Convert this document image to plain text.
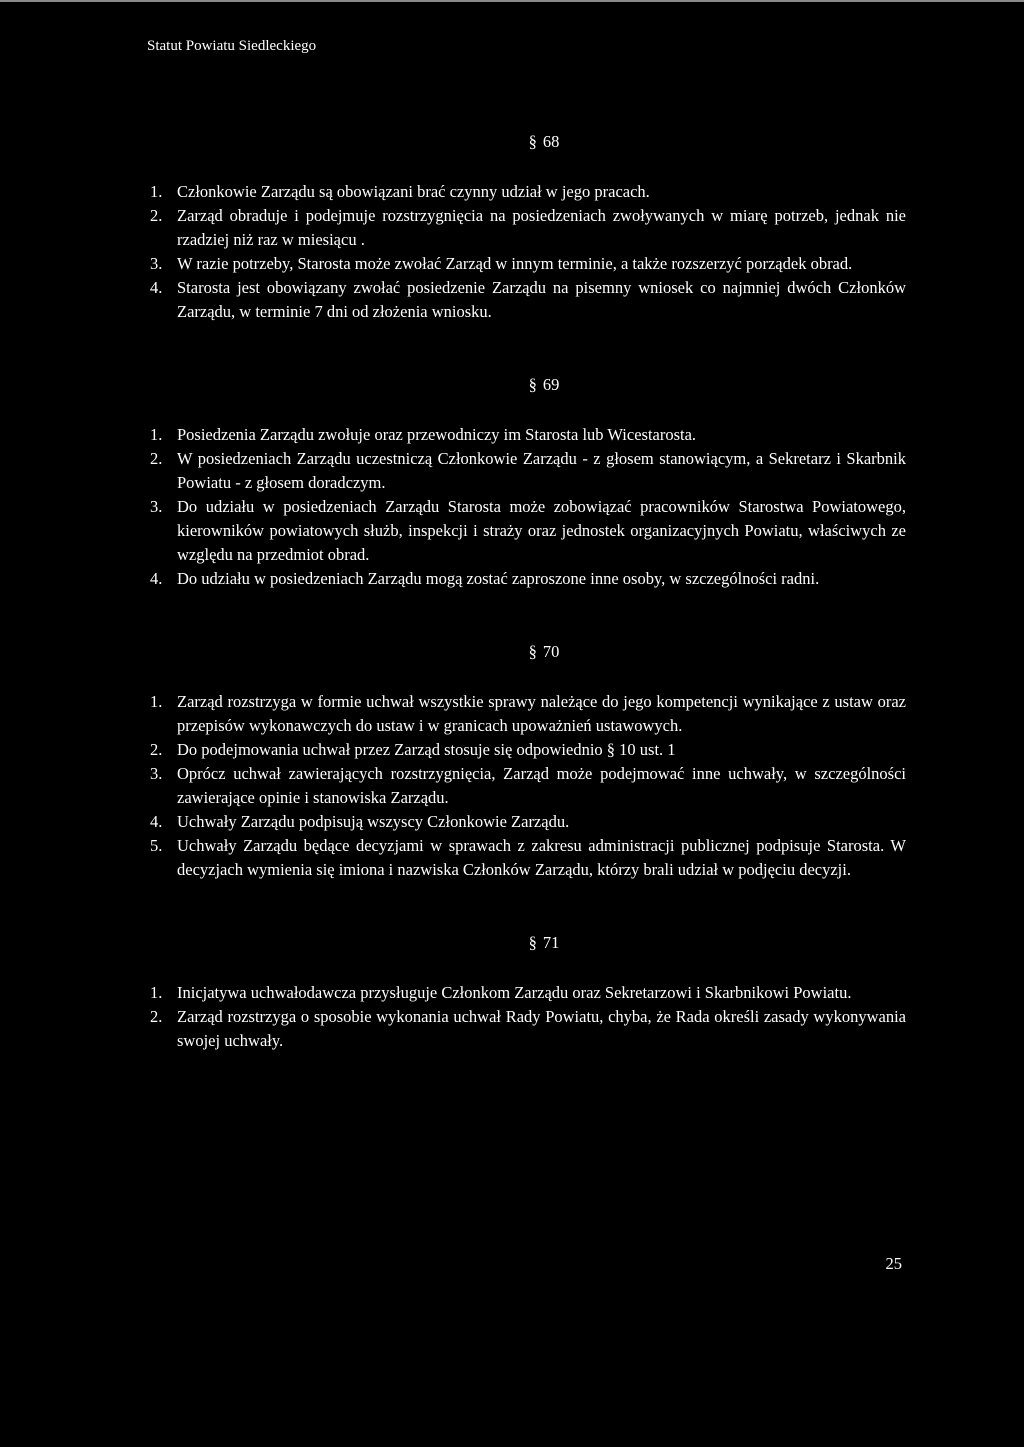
Statut Powiatu Siedleckiego
§ 68
1. Członkowie Zarządu są obowiązani brać czynny udział w jego pracach.
2. Zarząd obraduje i podejmuje rozstrzygnięcia na posiedzeniach zwoływanych w miarę potrzeb, jednak nie rzadziej niż raz w miesiącu .
3. W razie potrzeby, Starosta może zwołać Zarząd w innym terminie, a także rozszerzyć porządek obrad.
4. Starosta jest obowiązany zwołać posiedzenie Zarządu na pisemny wniosek co najmniej dwóch Członków Zarządu, w terminie 7 dni od złożenia wniosku.
§ 69
1. Posiedzenia Zarządu zwołuje oraz przewodniczy im Starosta lub Wicestarosta.
2. W posiedzeniach Zarządu uczestniczą Członkowie Zarządu - z głosem stanowiącym, a Sekretarz i Skarbnik Powiatu - z głosem doradczym.
3. Do udziału w posiedzeniach Zarządu Starosta może zobowiązać pracowników Starostwa Powiatowego, kierowników powiatowych służb, inspekcji i straży oraz jednostek organizacyjnych Powiatu, właściwych ze względu na przedmiot obrad.
4. Do udziału w posiedzeniach Zarządu mogą zostać zaproszone inne osoby, w szczególności radni.
§ 70
1. Zarząd rozstrzyga w formie uchwał wszystkie sprawy należące do jego kompetencji wynikające z ustaw oraz przepisów wykonawczych do ustaw i w granicach upoważnień ustawowych.
2. Do podejmowania uchwał przez Zarząd stosuje się odpowiednio § 10 ust. 1
3. Oprócz uchwał zawierających rozstrzygnięcia, Zarząd może podejmować inne uchwały, w szczególności zawierające opinie i stanowiska Zarządu.
4. Uchwały Zarządu podpisują wszyscy Członkowie Zarządu.
5. Uchwały Zarządu będące decyzjami w sprawach z zakresu administracji publicznej podpisuje Starosta. W decyzjach wymienia się imiona i nazwiska Członków Zarządu, którzy brali udział w podjęciu decyzji.
§ 71
1. Inicjatywa uchwałodawcza przysługuje Członkom Zarządu oraz Sekretarzowi i Skarbnikowi Powiatu.
2. Zarząd rozstrzyga o sposobie wykonania uchwał Rady Powiatu, chyba, że Rada określi zasady wykonywania swojej uchwały.
25
